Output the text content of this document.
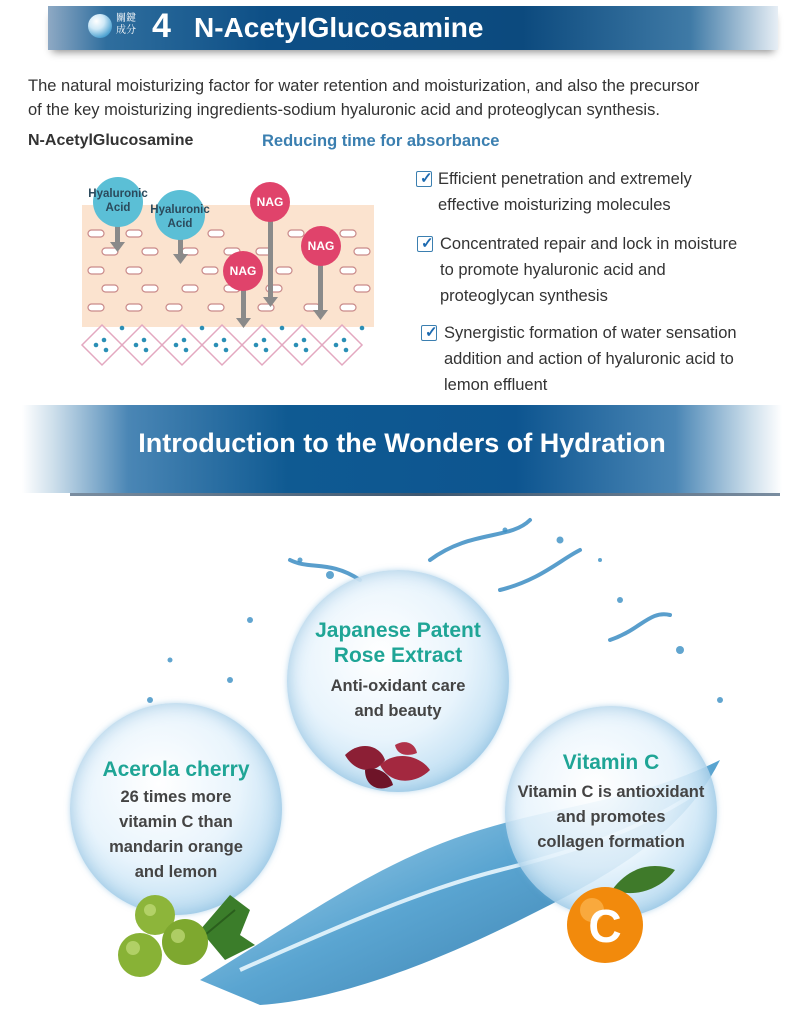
關鍵
成分 4 N-AcetylGlucosamine
The natural moisturizing factor for water retention and moisturization, and also the precursor
of the key moisturizing ingredients-sodium hyaluronic acid and proteoglycan synthesis.
N-AcetylGlucosamine	Reducing time for absorbance
Hyaluronic
Acid Hyaluronic
Acid
NAG
NAG
NAG
✓ Efficient penetration and extremely
effective moisturizing molecules
✓ Concentrated repair and lock in moisture
to promote hyaluronic acid and
proteoglycan synthesis
✓ Synergistic formation of water sensation
addition and action of hyaluronic acid to
lemon effluent
Introduction to the Wonders of Hydration
Japanese Patent
Rose Extract
Anti-oxidant care
and beauty
Acerola cherry
26 times more
vitamin C than
mandarin orange
and lemon
Vitamin C
Vitamin C is antioxidant
and promotes
collagen formation
C
